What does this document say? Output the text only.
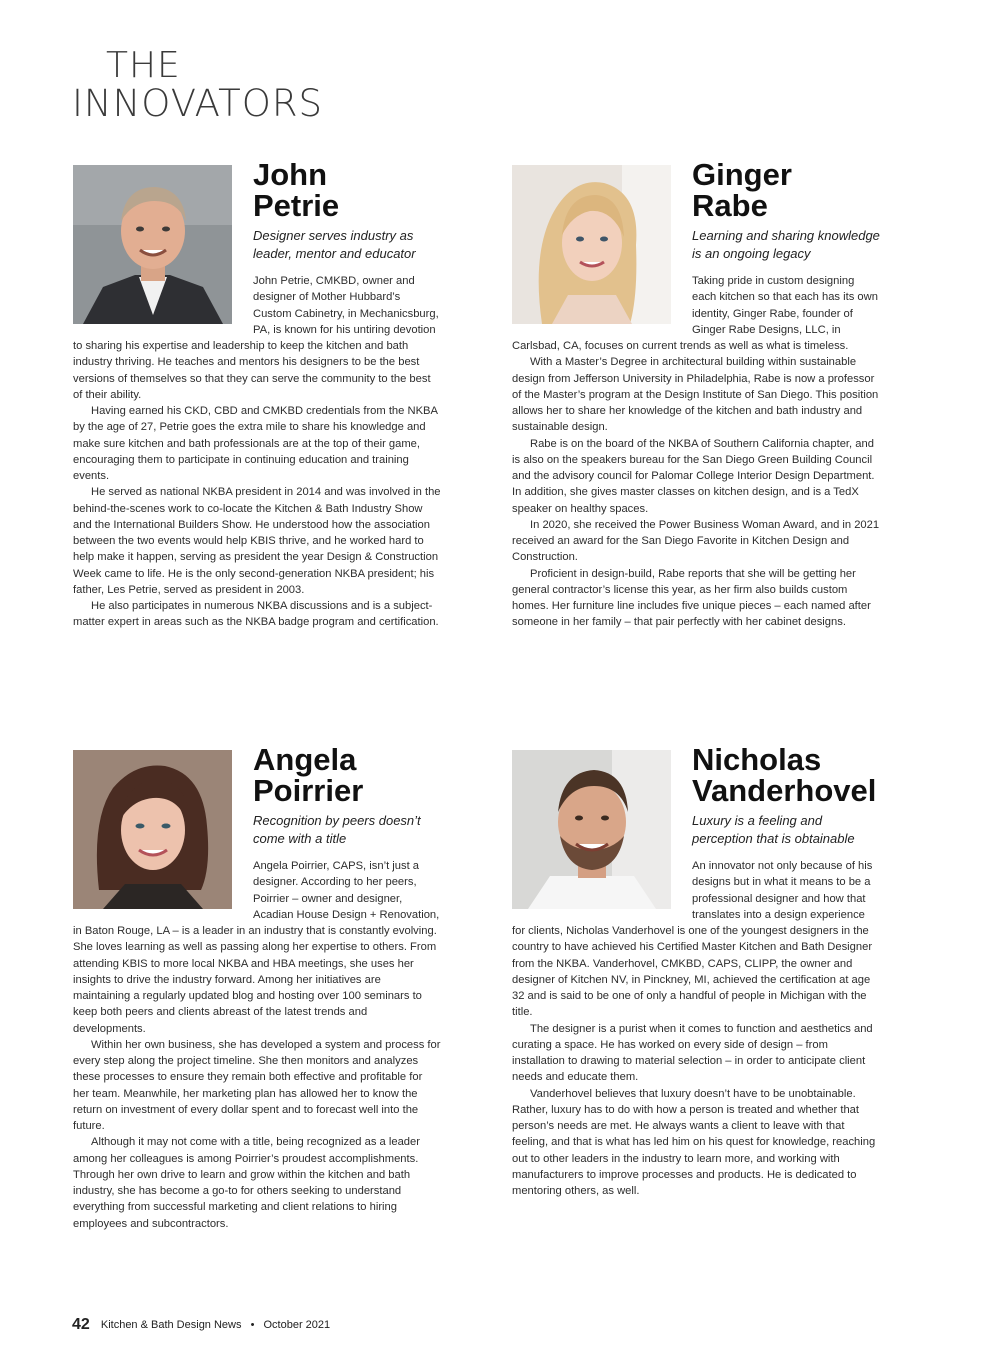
THE
INNOVATORS
John
Petrie
Designer serves industry as leader, mentor and educator

John Petrie, CMKBD, owner and designer of Mother Hubbard’s Custom Cabinetry, in Mechanicsburg, PA, is known for his untiring devotion to sharing his expertise and leadership to keep the kitchen and bath industry thriving. He teaches and mentors his designers to be the best versions of themselves so that they can serve the community to the best of their ability.

Having earned his CKD, CBD and CMKBD credentials from the NKBA by the age of 27, Petrie goes the extra mile to share his knowledge and make sure kitchen and bath professionals are at the top of their game, encouraging them to participate in continuing education and training events.

He served as national NKBA president in 2014 and was involved in the behind-the-scenes work to co-locate the Kitchen & Bath Industry Show and the International Builders Show. He understood how the association between the two events would help KBIS thrive, and he worked hard to help make it happen, serving as president the year Design & Construction Week came to life. He is the only second-generation NKBA president; his father, Les Petrie, served as president in 2003.

He also participates in numerous NKBA discussions and is a subject-matter expert in areas such as the NKBA badge program and certification.

Ginger
Rabe
Learning and sharing knowledge is an ongoing legacy

Taking pride in custom designing each kitchen so that each has its own identity, Ginger Rabe, founder of Ginger Rabe Designs, LLC, in Carlsbad, CA, focuses on current trends as well as what is timeless.

With a Master’s Degree in architectural building within sustainable design from Jefferson University in Philadelphia, Rabe is now a professor of the Master’s program at the Design Institute of San Diego. This position allows her to share her knowledge of the kitchen and bath industry and sustainable design.

Rabe is on the board of the NKBA of Southern California chapter, and is also on the speakers bureau for the San Diego Green Building Council and the advisory council for Palomar College Interior Design Department. In addition, she gives master classes on kitchen design, and is a TedX speaker on healthy spaces.

In 2020, she received the Power Business Woman Award, and in 2021 received an award for the San Diego Favorite in Kitchen Design and Construction.

Proficient in design-build, Rabe reports that she will be getting her general contractor’s license this year, as her firm also builds custom homes. Her furniture line includes five unique pieces – each named after someone in her family – that pair perfectly with her cabinet designs.

Angela
Poirrier
Recognition by peers doesn’t come with a title

Angela Poirrier, CAPS, isn’t just a designer. According to her peers, Poirrier – owner and designer, Acadian House Design + Renovation, in Baton Rouge, LA – is a leader in an industry that is constantly evolving. She loves learning as well as passing along her expertise to others. From attending KBIS to more local NKBA and HBA meetings, she uses her insights to drive the industry forward. Among her initiatives are maintaining a regularly updated blog and hosting over 100 seminars to keep both peers and clients abreast of the latest trends and developments.

Within her own business, she has developed a system and process for every step along the project timeline. She then monitors and analyzes these processes to ensure they remain both effective and profitable for her team. Meanwhile, her marketing plan has allowed her to know the return on investment of every dollar spent and to forecast well into the future.

Although it may not come with a title, being recognized as a leader among her colleagues is among Poirrier’s proudest accomplishments. Through her own drive to learn and grow within the kitchen and bath industry, she has become a go-to for others seeking to understand everything from successful marketing and client relations to hiring employees and subcontractors.

Nicholas
Vanderhovel
Luxury is a feeling and perception that is obtainable

An innovator not only because of his designs but in what it means to be a professional designer and how that translates into a design experience for clients, Nicholas Vanderhovel is one of the youngest designers in the country to have achieved his Certified Master Kitchen and Bath Designer from the NKBA. Vanderhovel, CMKBD, CAPS, CLIPP, the owner and designer of Kitchen NV, in Pinckney, MI, achieved the certification at age 32 and is said to be one of only a handful of people in Michigan with the title.

The designer is a purist when it comes to function and aesthetics and curating a space. He has worked on every side of design – from installation to drawing to material selection – in order to anticipate client needs and educate them.

Vanderhovel believes that luxury doesn’t have to be unobtainable. Rather, luxury has to do with how a person is treated and whether that person’s needs are met. He always wants a client to leave with that feeling, and that is what has led him on his quest for knowledge, reaching out to other leaders in the industry to learn more, and working with manufacturers to improve processes and products. He is dedicated to mentoring others, as well.

42 Kitchen & Bath Design News • October 2021
